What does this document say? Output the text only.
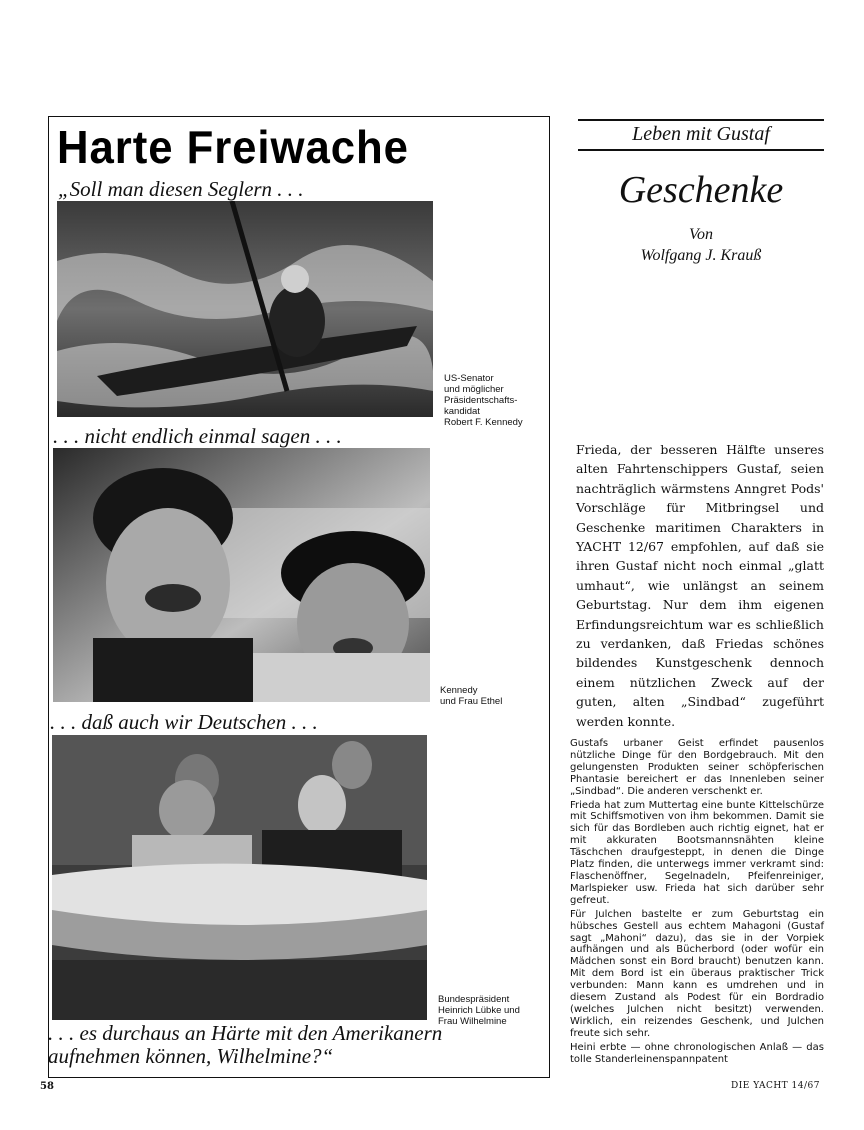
Harte Freiwache
„Soll man diesen Seglern . . .
US-Senator
und möglicher
Präsidentschafts-
kandidat
Robert F. Kennedy
. . . nicht endlich einmal sagen . . .
Kennedy
und Frau Ethel
. . . daß auch wir Deutschen . . .
Bundespräsident
Heinrich Lübke und
Frau Wilhelmine
. . . es durchaus an Härte mit den Amerikanern
aufnehmen können, Wilhelmine?“
Leben mit Gustaf
Geschenke
Von
Wolfgang J. Krauß

Frieda, der besseren Hälfte unseres alten Fahrtenschippers Gustaf, seien nachträglich wärmstens Anngret Pods' Vorschläge für Mitbringsel und Geschenke maritimen Charakters in YACHT 12/67 empfohlen, auf daß sie ihren Gustaf nicht noch einmal „glatt umhaut“, wie unlängst an seinem Geburtstag. Nur dem ihm eigenen Erfindungsreichtum war es schließlich zu verdanken, daß Friedas schönes bildendes Kunstgeschenk dennoch einem nützlichen Zweck auf der guten, alten „Sindbad“ zugeführt werden konnte.

Gustafs urbaner Geist erfindet pausenlos nützliche Dinge für den Bordgebrauch. Mit den gelungensten Produkten seiner schöpferischen Phantasie bereichert er das Innenleben seiner „Sindbad“. Die anderen verschenkt er.

Frieda hat zum Muttertag eine bunte Kittelschürze mit Schiffsmotiven von ihm bekommen. Damit sie sich für das Bordleben auch richtig eignet, hat er mit akkuraten Bootsmannsnähten kleine Täschchen draufgesteppt, in denen die Dinge Platz finden, die unterwegs immer verkramt sind: Flaschenöffner, Segelnadeln, Pfeifenreiniger, Marlspieker usw. Frieda hat sich darüber sehr gefreut.

Für Julchen bastelte er zum Geburtstag ein hübsches Gestell aus echtem Mahagoni (Gustaf sagt „Mahoni“ dazu), das sie in der Vorpiek aufhängen und als Bücherbord (oder wofür ein Mädchen sonst ein Bord braucht) benutzen kann. Mit dem Bord ist ein überaus praktischer Trick verbunden: Mann kann es umdrehen und in diesem Zustand als Podest für ein Bordradio (welches Julchen nicht besitzt) verwenden. Wirklich, ein reizendes Geschenk, und Julchen freute sich sehr.

Heini erbte — ohne chronologischen Anlaß — das tolle Standerleinenspannpatent

58	DIE YACHT 14/67
